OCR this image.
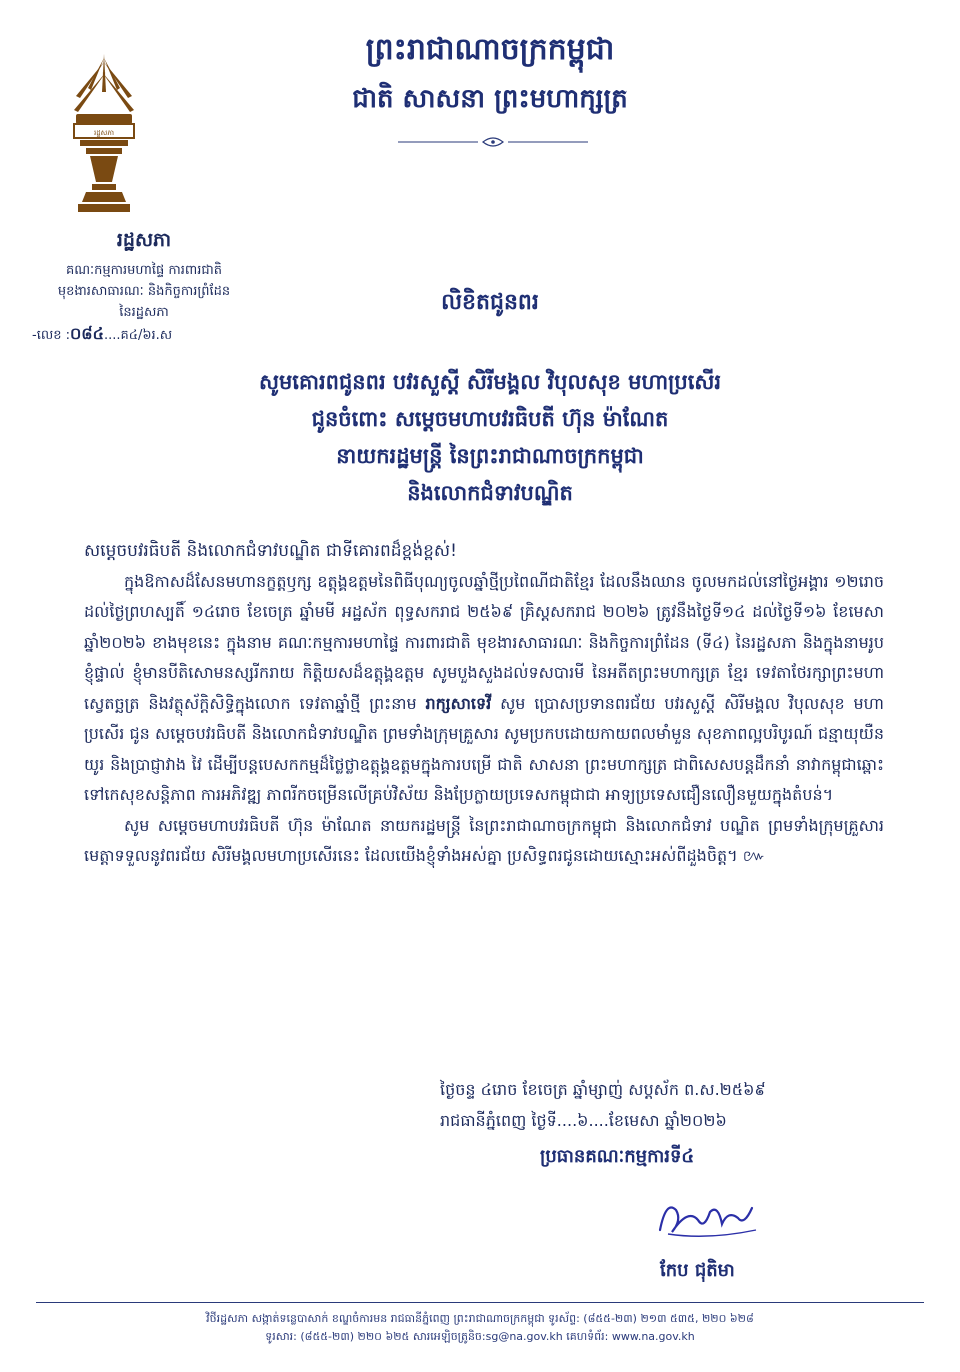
រដ្ឋសភា
ព្រះរាជាណាចក្រកម្ពុជា
ជាតិ សាសនា ព្រះមហាក្សត្រ
រដ្ឋសភា
គណៈកម្មការមហាផ្ទៃ ការពារជាតិ
មុខងារសាធារណៈ និងកិច្ចការព្រំដែន
នៃរដ្ឋសភា
-លេខ :០៨៤....គ៤/៦រ.ស
លិខិតជូនពរ
សូមគោរពជូនពរ បវរសួស្តី សិរីមង្គល វិបុលសុខ មហាប្រសើរ
ជូនចំពោះ សម្តេចមហាបវរធិបតី ហ៊ុន ម៉ាណែត
នាយករដ្ឋមន្ត្រី នៃព្រះរាជាណាចក្រកម្ពុជា
និងលោកជំទាវបណ្ឌិត

សម្តេចបវរធិបតី និងលោកជំទាវបណ្ឌិត ជាទីគោរពដ៏ខ្ពង់ខ្ពស់!

ក្នុងឱកាសដ៏សែនមហានក្ខត្តឫក្ស ឧត្តុង្គឧត្តមនៃពិធីបុណ្យចូលឆ្នាំថ្មីប្រពៃណីជាតិខ្មែរ ដែលនឹងឈាន ចូលមកដល់នៅថ្ងៃអង្គារ ១២រោច ដល់ថ្ងៃព្រហស្បតិ៍ ១៤រោច ខែចេត្រ ឆ្នាំមមី អដ្ឋស័ក ពុទ្ធសករាជ ២៥៦៩ គ្រិស្តសករាជ ២០២៦ ត្រូវនឹងថ្ងៃទី១៤ ដល់ថ្ងៃទី១៦ ខែមេសា ឆ្នាំ២០២៦ ខាងមុខនេះ ក្នុងនាម គណៈកម្មការមហាផ្ទៃ ការពារជាតិ មុខងារសាធារណៈ និងកិច្ចការព្រំដែន (ទី៤) នៃរដ្ឋសភា និងក្នុងនាមរូប ខ្ញុំផ្ទាល់ ខ្ញុំមានបីតិសោមនស្សរីករាយ កិត្តិយសដ៏ឧត្តុង្គឧត្តម សូមបួងសួងដល់ទសបារមី នៃអតីតព្រះមហាក្សត្រ ខ្មែរ ទេវតាថែរក្សាព្រះមហាស្វេតច្ឆត្រ និងវត្ថុស័ក្តិសិទ្ធិក្នុងលោក ទេវតាឆ្នាំថ្មី ព្រះនាម រាក្សសាទេវី សូម ប្រោសប្រទានពរជ័យ បវរសួស្តី សិរីមង្គល វិបុលសុខ មហាប្រសើរ ជូន សម្តេចបវរធិបតី និងលោកជំទាវបណ្ឌិត ព្រមទាំងក្រុមគ្រួសារ សូមប្រកបដោយកាយពលមាំមួន សុខភាពល្អបរិបូរណ៍ ជន្មាយុយឺនយូរ និងប្រាជ្ញាវាង វៃ ដើម្បីបន្តបេសកកម្មដ៏ថ្លៃថ្លាឧត្តុង្គឧត្តមក្នុងការបម្រើ ជាតិ សាសនា ព្រះមហាក្សត្រ ជាពិសេសបន្តដឹកនាំ នាវាកម្ពុជាឆ្ពោះទៅកេសុខសន្តិភាព ការអភិវឌ្ឍ ភាពរីកចម្រើនលើគ្រប់វិស័យ និងប្រែក្លាយប្រទេសកម្ពុជាជា អាទ្យប្រទេសជឿនលឿនមួយក្នុងតំបន់។

សូម សម្តេចមហាបវរធិបតី ហ៊ុន ម៉ាណែត នាយករដ្ឋមន្ត្រី នៃព្រះរាជាណាចក្រកម្ពុជា និងលោកជំទាវ បណ្ឌិត ព្រមទាំងក្រុមគ្រួសារ មេត្តាទទួលនូវពរជ័យ សិរីមង្គលមហាប្រសើរនេះ ដែលយើងខ្ញុំទាំងអស់គ្នា ប្រសិទ្ធពរជូនដោយស្មោះអស់ពីដួងចិត្ត។ ៚

ថ្ងៃចន្ទ ៤រោច ខែចេត្រ ឆ្នាំម្សាញ់ សប្តស័ក ព.ស.២៥៦៩
រាជធានីភ្នំពេញ ថ្ងៃទី....៦....ខែមេសា ឆ្នាំ២០២៦
ប្រធានគណៈកម្មការទី៤
កែប ជុតិមា
វិថីរដ្ឋសភា សង្កាត់ទន្លេបាសាក់ ខណ្ឌចំការមន រាជធានីភ្នំពេញ ព្រះរាជាណាចក្រកម្ពុជា ទូរស័ព្ទ: (៨៥៥-២៣) ២១៣ ៥៣៥, ២២០ ៦២៨
ទូរសារ: (៨៥៥-២៣) ២២០ ៦២៥ សារអេឡិចត្រូនិច:sg@na.gov.kh គេហទំព័រ: www.na.gov.kh
